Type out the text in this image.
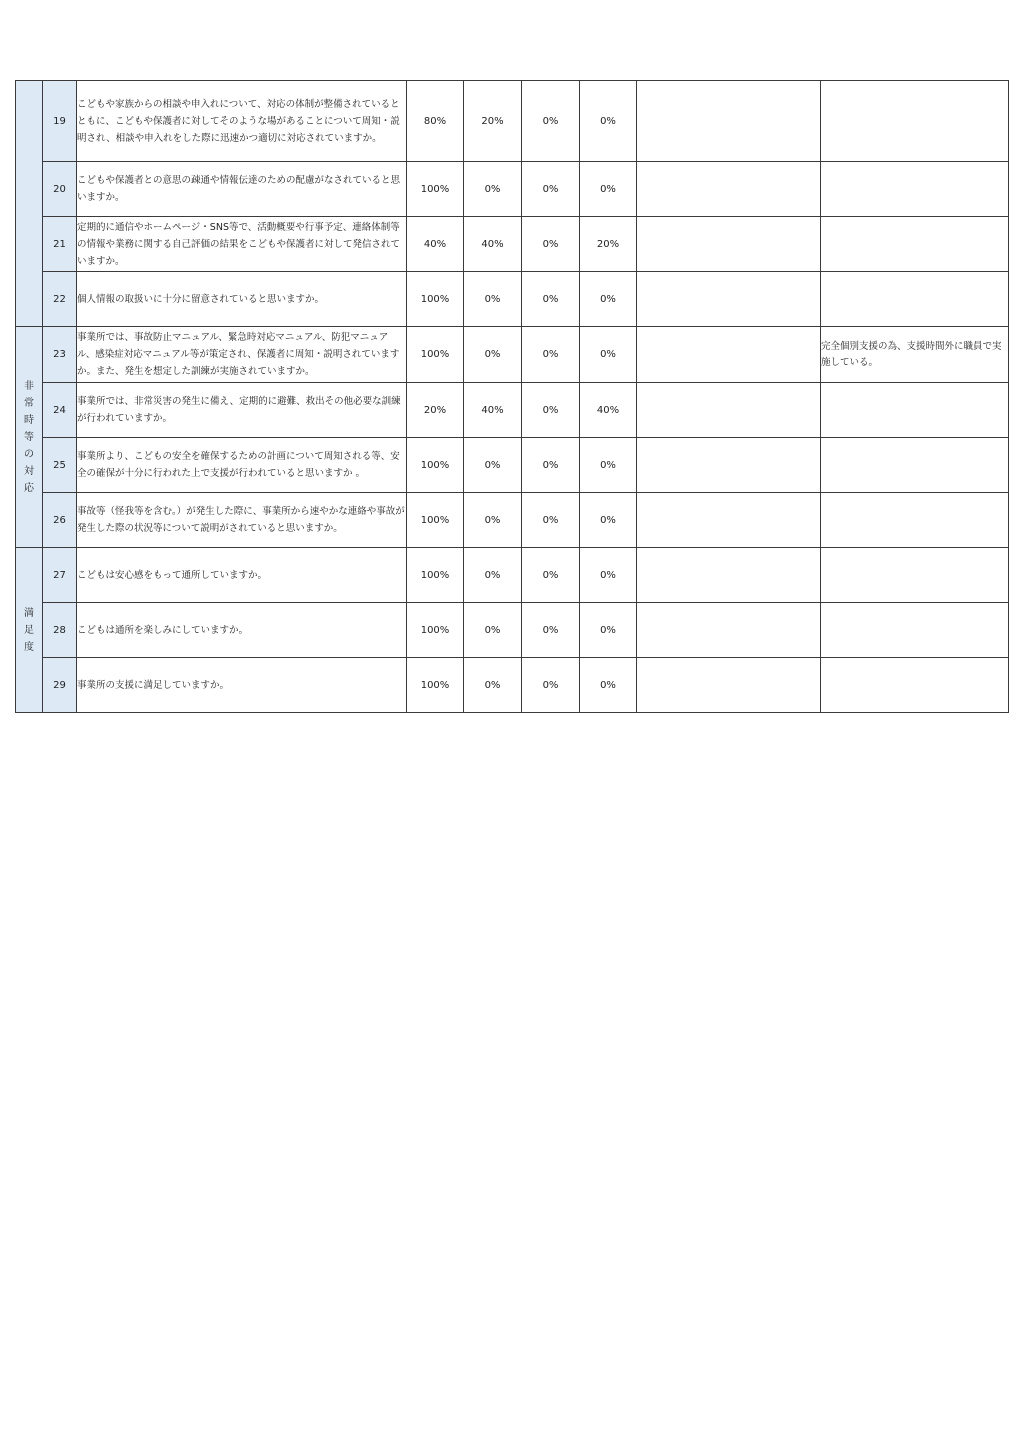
	19	こどもや家族からの相談や申入れについて、対応の体制が整備されているとともに、こどもや保護者に対してそのような場があることについて周知・説明され、相談や申入れをした際に迅速かつ適切に対応されていますか。	80%	20%	0%	0%		
	20	こどもや保護者との意思の疎通や情報伝達のための配慮がなされていると思いますか。	100%	0%	0%	0%		
	21	定期的に通信やホームページ・SNS等で、活動概要や行事予定、連絡体制等の情報や業務に関する自己評価の結果をこどもや保護者に対して発信されていますか。	40%	40%	0%	20%		
	22	個人情報の取扱いに十分に留意されていると思いますか。	100%	0%	0%	0%		
非常時等の対応	23	事業所では、事故防止マニュアル、緊急時対応マニュアル、防犯マニュアル、感染症対応マニュアル等が策定され、保護者に周知・説明されていますか。また、発生を想定した訓練が実施されていますか。	100%	0%	0%	0%		完全個別支援の為、支援時間外に職員で実施している。
	24	事業所では、非常災害の発生に備え、定期的に避難、救出その他必要な訓練が行われていますか。	20%	40%	0%	40%		
	25	事業所より、こどもの安全を確保するための計画について周知される等、安全の確保が十分に行われた上で支援が行われていると思いますか 。	100%	0%	0%	0%		
	26	事故等（怪我等を含む。）が発生した際に、事業所から速やかな連絡や事故が発生した際の状況等について説明がされていると思いますか。	100%	0%	0%	0%		
満足度	27	こどもは安心感をもって通所していますか。	100%	0%	0%	0%		
	28	こどもは通所を楽しみにしていますか。	100%	0%	0%	0%		
	29	事業所の支援に満足していますか。	100%	0%	0%	0%		
